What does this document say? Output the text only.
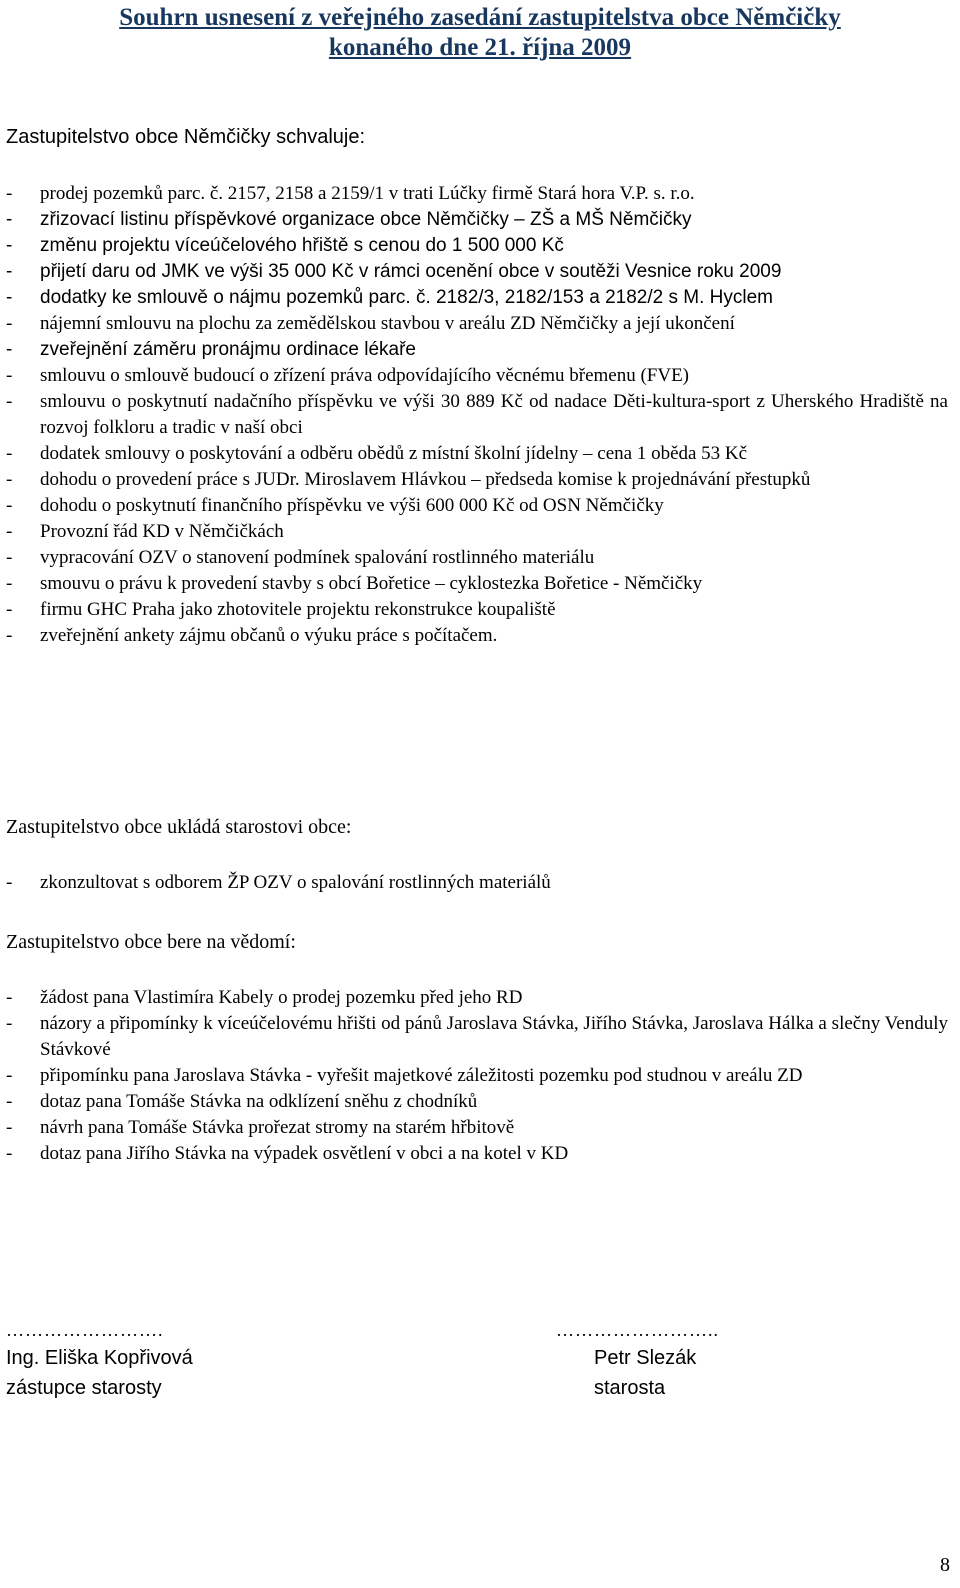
Souhrn usnesení z veřejného zasedání zastupitelstva obce Němčičky
konaného dne 21. října 2009

Zastupitelstvo obce Němčičky schvaluje:

- prodej pozemků parc. č. 2157, 2158 a 2159/1 v trati Lúčky firmě Stará hora V.P. s. r.o.
- zřizovací listinu příspěvkové organizace obce Němčičky – ZŠ a MŠ Němčičky
- změnu projektu víceúčelového hřiště s cenou do 1 500 000 Kč
- přijetí daru od JMK ve výši 35 000 Kč v rámci ocenění obce v soutěži Vesnice roku 2009
- dodatky ke smlouvě o nájmu pozemků parc. č. 2182/3, 2182/153 a 2182/2 s M. Hyclem
- nájemní smlouvu na plochu za zemědělskou stavbou v areálu ZD Němčičky a její ukončení
- zveřejnění záměru pronájmu ordinace lékaře
- smlouvu o smlouvě budoucí o zřízení práva odpovídajícího věcnému břemenu (FVE)
- smlouvu o poskytnutí nadačního příspěvku ve výši 30 889 Kč od nadace Děti-kultura-sport z Uherského Hradiště na rozvoj folkloru a tradic v naší obci
- dodatek smlouvy o poskytování a odběru obědů z místní školní jídelny – cena 1 oběda 53 Kč
- dohodu o provedení práce s JUDr. Miroslavem Hlávkou – předseda komise k projednávání přestupků
- dohodu o poskytnutí finančního příspěvku ve výši 600 000 Kč od OSN Němčičky
- Provozní řád KD v Němčičkách
- vypracování OZV o stanovení podmínek spalování rostlinného materiálu
- smouvu o právu k provedení stavby s obcí Bořetice – cyklostezka Bořetice - Němčičky
- firmu GHC Praha jako zhotovitele projektu rekonstrukce koupaliště
- zveřejnění ankety zájmu občanů o výuku práce s počítačem.

Zastupitelstvo obce ukládá starostovi obce:

- zkonzultovat s odborem ŽP OZV o spalování rostlinných materiálů

Zastupitelstvo obce bere na vědomí:

- žádost pana Vlastimíra Kabely o prodej pozemku před jeho RD
- názory a připomínky k víceúčelovému hřišti od pánů Jaroslava Stávka, Jiřího Stávka, Jaroslava Hálka a slečny Venduly Stávkové
- připomínku pana Jaroslava Stávka - vyřešit majetkové záležitosti pozemku pod studnou v areálu ZD
- dotaz pana Tomáše Stávka na odklízení sněhu z chodníků
- návrh pana Tomáše Stávka prořezat stromy na starém hřbitově
- dotaz pana Jiřího Stávka na výpadek osvětlení v obci a na kotel v KD
…………………….
Ing. Eliška Kopřivová
zástupce starosty
……………………..
Petr Slezák
starosta
8
